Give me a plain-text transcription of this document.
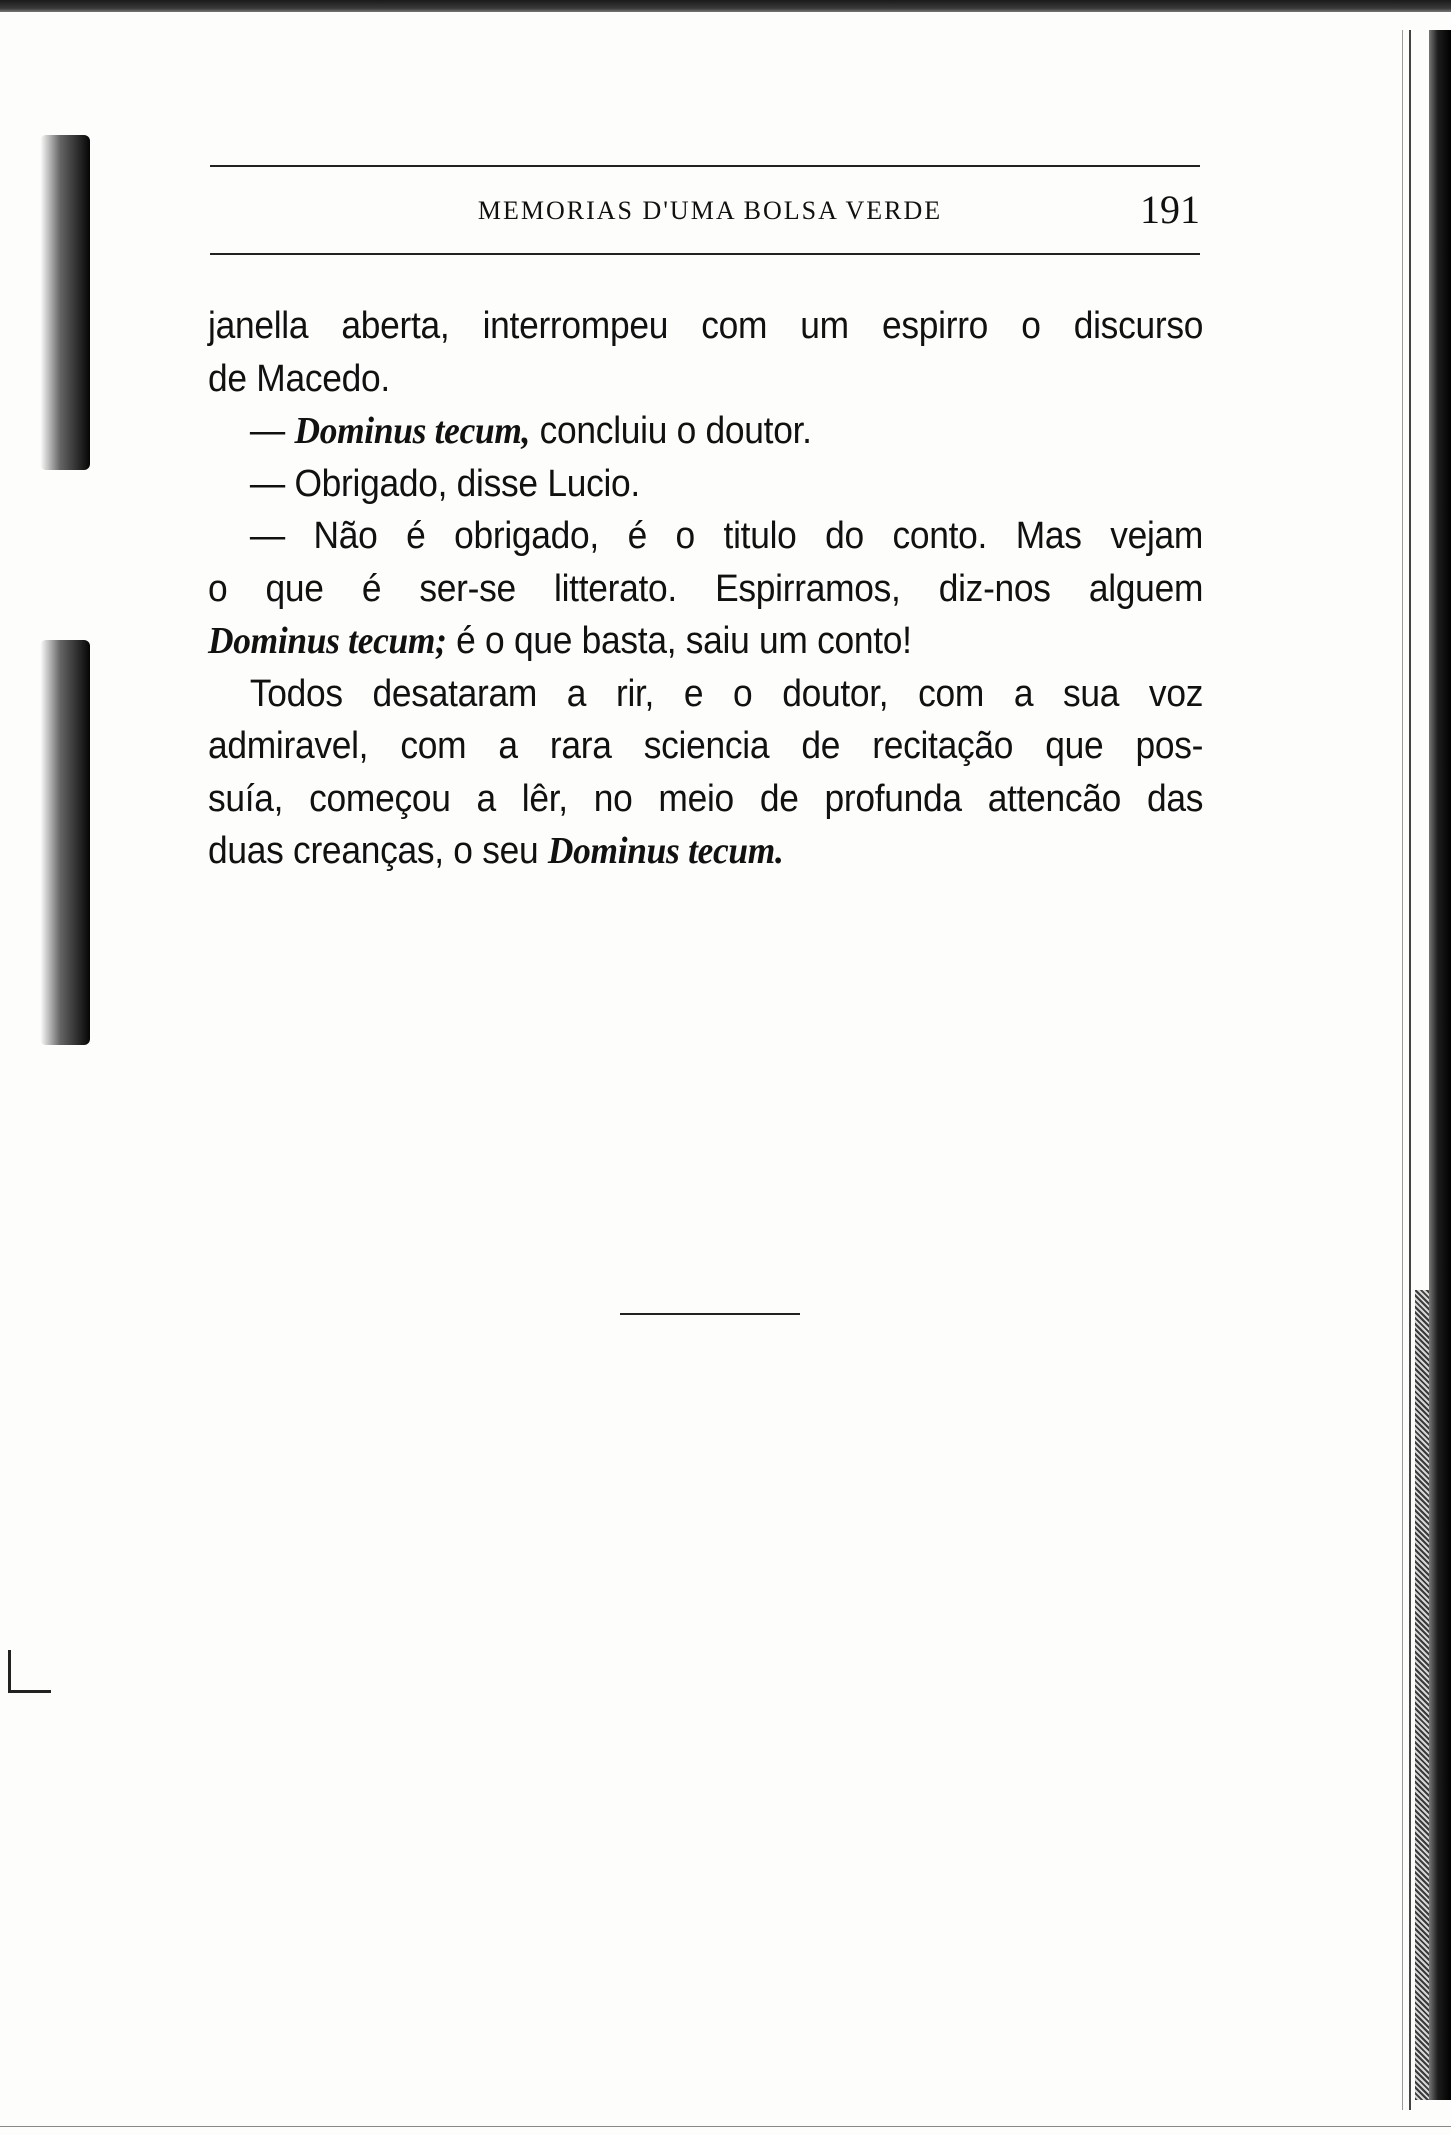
MEMORIAS D'UMA BOLSA VERDE	191
janella aberta, interrompeu com um espirro o discurso
de Macedo.
— Dominus tecum, concluiu o doutor.
— Obrigado, disse Lucio.
— Não é obrigado, é o titulo do conto. Mas vejam
o que é ser-se litterato. Espirramos, diz-nos alguem
Dominus tecum; é o que basta, saiu um conto!
Todos desataram a rir, e o doutor, com a sua voz
admiravel, com a rara sciencia de recitação que pos-
suía, começou a lêr, no meio de profunda attencão das
duas creanças, o seu Dominus tecum.
